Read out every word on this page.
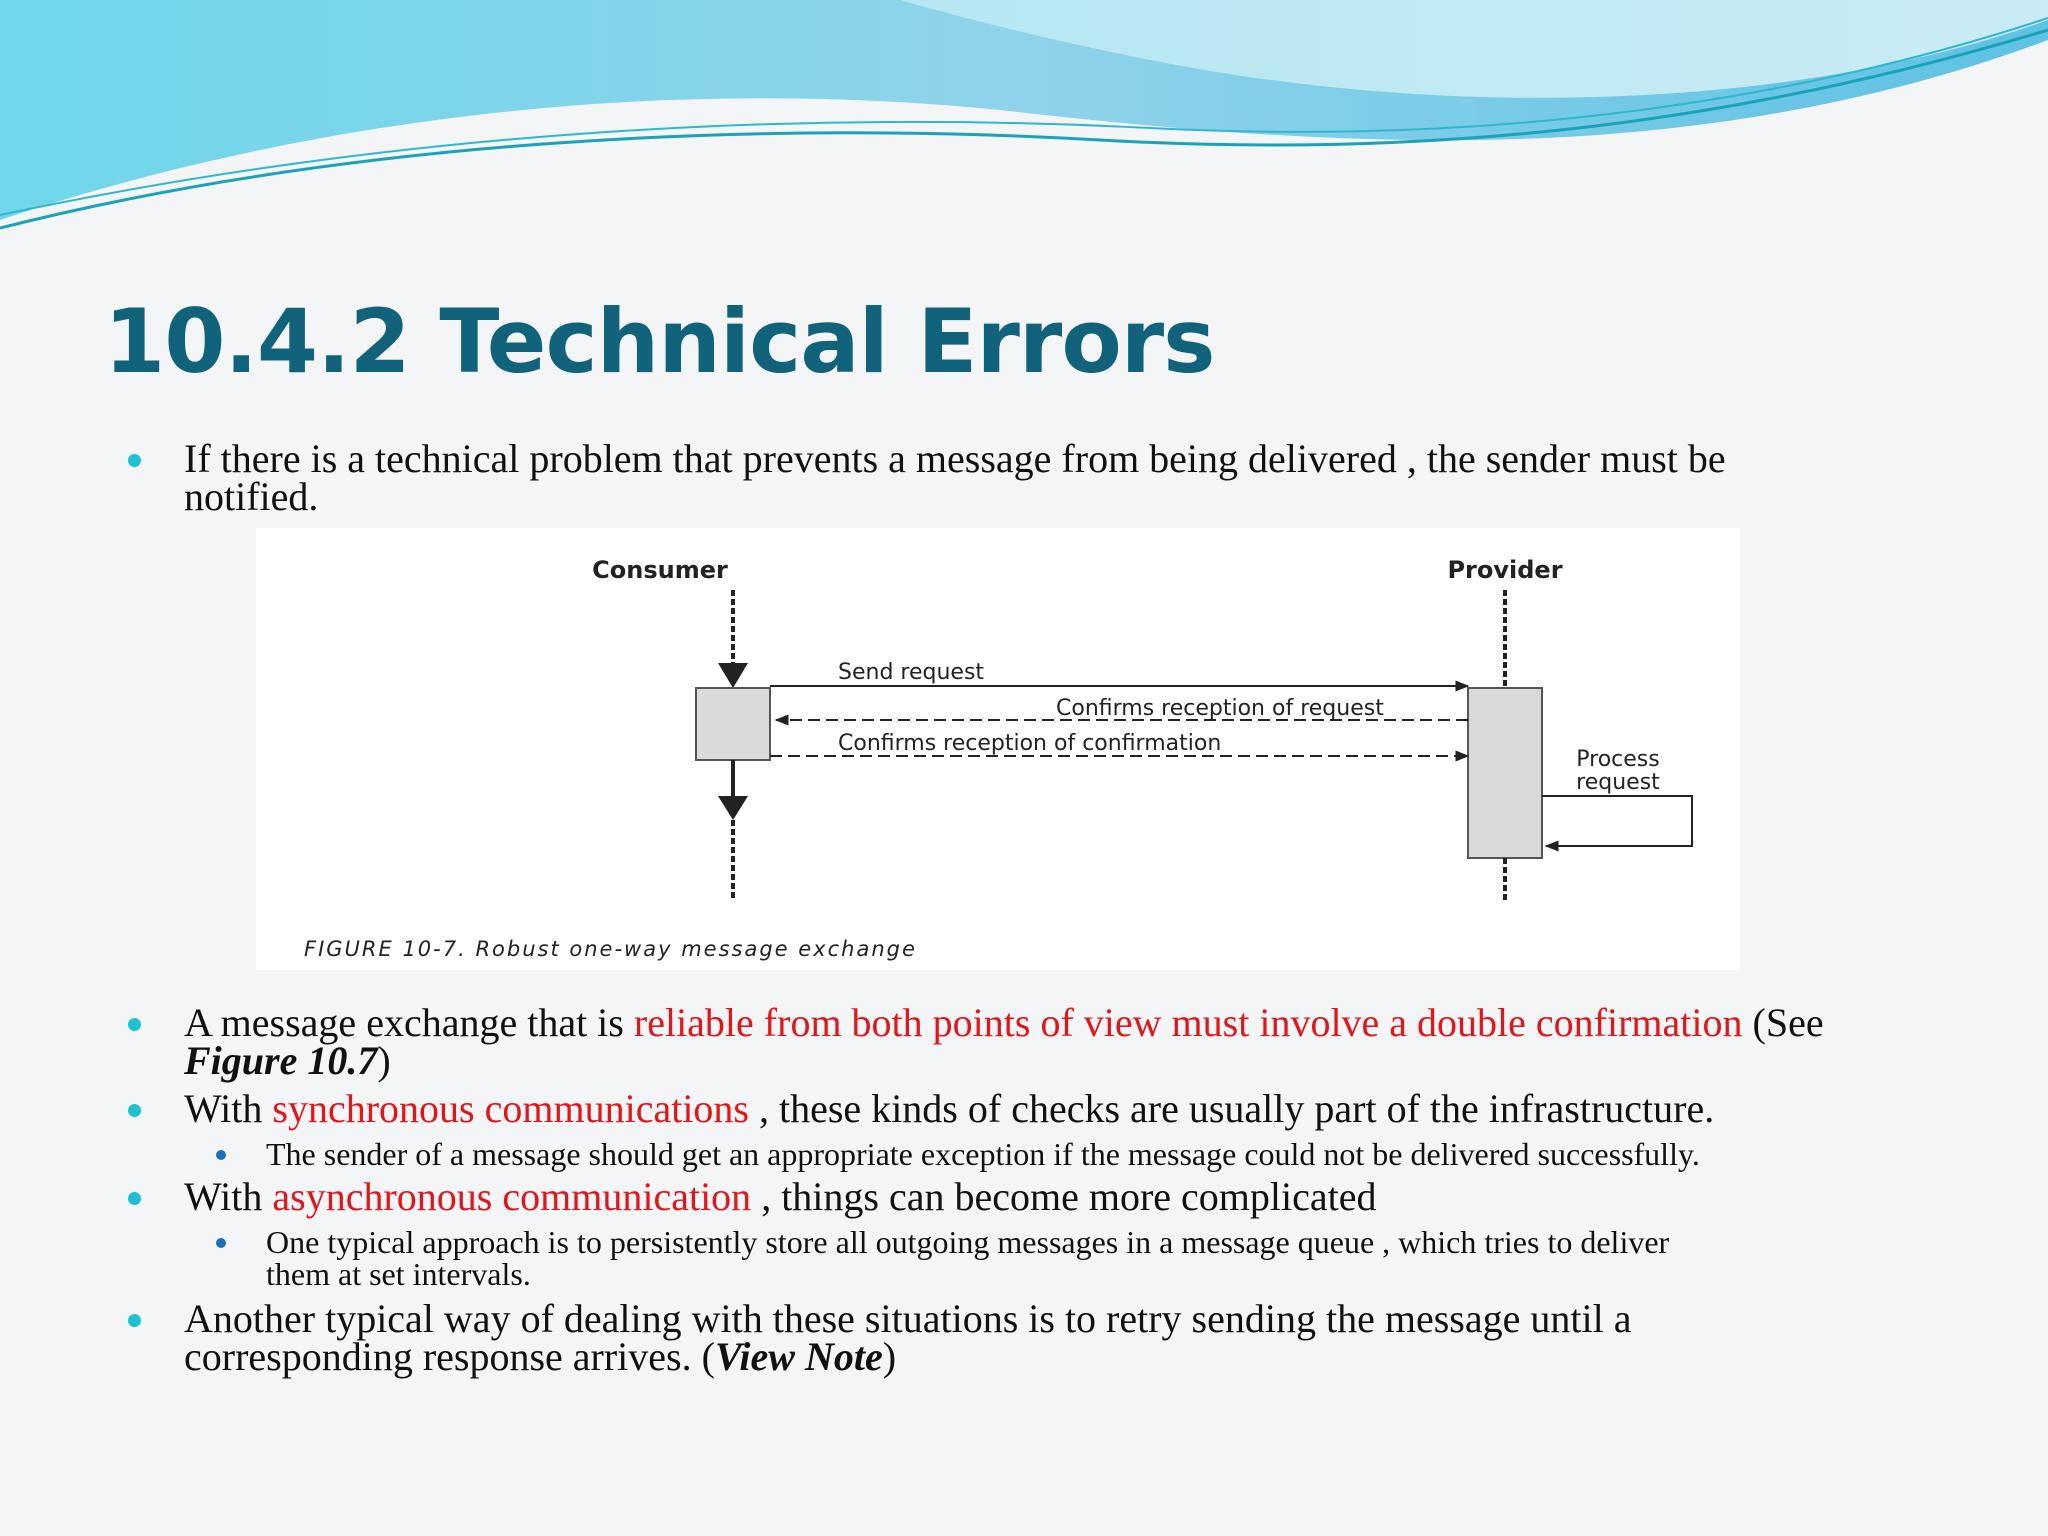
10.4.2 Technical Errors
If there is a technical problem that prevents a message from being delivered , the sender must be
notified.
Consumer	Provider
Send request
Confirms reception of request
Confirms reception of confirmation
Process
request
FIGURE 10-7. Robust one-way message exchange
A message exchange that is reliable from both points of view must involve a double confirmation (See
Figure 10.7)
With synchronous communications , these kinds of checks are usually part of the infrastructure.
The sender of a message should get an appropriate exception if the message could not be delivered successfully.
With asynchronous communication , things can become more complicated
One typical approach is to persistently store all outgoing messages in a message queue , which tries to deliver
them at set intervals.
Another typical way of dealing with these situations is to retry sending the message until a
corresponding response arrives. (View Note)
